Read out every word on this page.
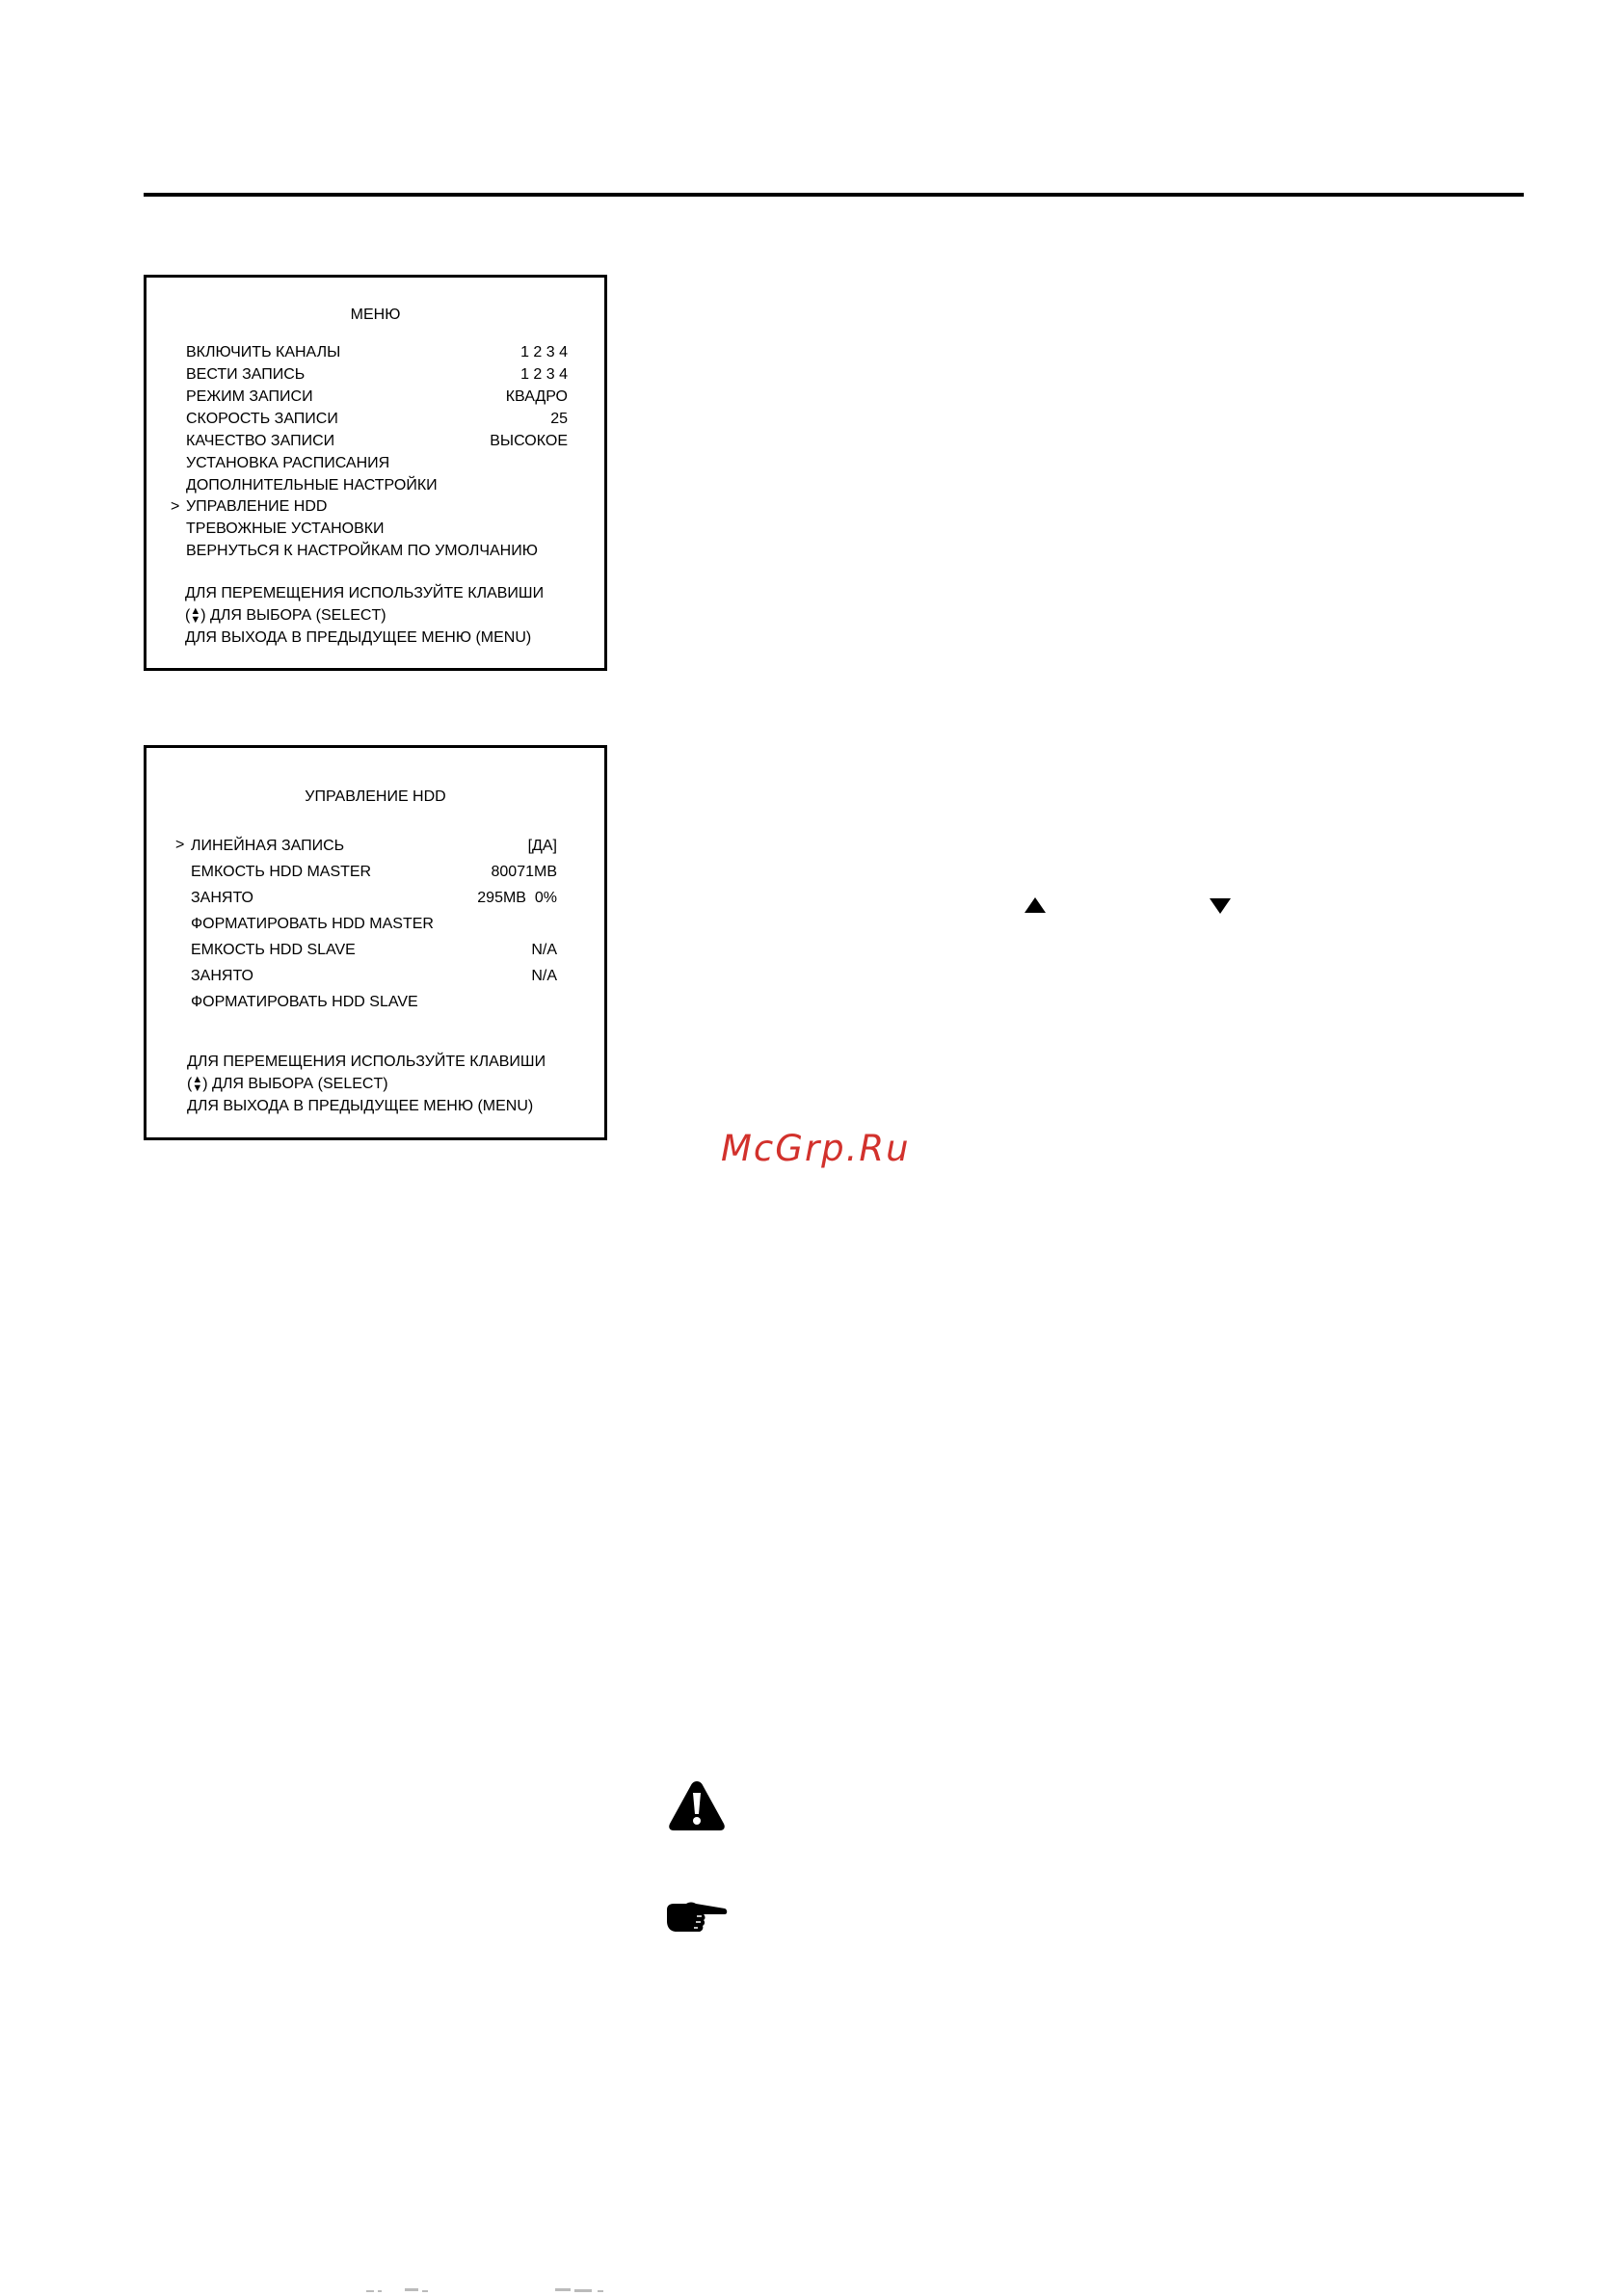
МЕНЮ
ВКЛЮЧИТЬ КАНАЛЫ	1 2 3 4
ВЕСТИ ЗАПИСЬ	1 2 3 4
РЕЖИМ ЗАПИСИ	КВАДРО
СКОРОСТЬ ЗАПИСИ	25
КАЧЕСТВО ЗАПИСИ	ВЫСОКОЕ
УСТАНОВКА РАСПИСАНИЯ
ДОПОЛНИТЕЛЬНЫЕ НАСТРОЙКИ
> УПРАВЛЕНИЕ HDD
ТРЕВОЖНЫЕ УСТАНОВКИ
ВЕРНУТЬСЯ К НАСТРОЙКАМ ПО УМОЛЧАНИЮ
ДЛЯ ПЕРЕМЕЩЕНИЯ ИСПОЛЬЗУЙТЕ КЛАВИШИ
(▲
▼) ДЛЯ ВЫБОРА (SELECT)
ДЛЯ ВЫХОДА В ПРЕДЫДУЩЕЕ МЕНЮ (MENU)
УПРАВЛЕНИЕ HDD
> ЛИНЕЙНАЯ ЗАПИСЬ	[ДА]
ЕМКОСТЬ HDD MASTER	80071MB
ЗАНЯТО	295MB  0%
ФОРМАТИРОВАТЬ HDD MASTER
ЕМКОСТЬ HDD SLAVE	N/A
ЗАНЯТО	N/A
ФОРМАТИРОВАТЬ HDD SLAVE
ДЛЯ ПЕРЕМЕЩЕНИЯ ИСПОЛЬЗУЙТЕ КЛАВИШИ
(▲
▼) ДЛЯ ВЫБОРА (SELECT)
ДЛЯ ВЫХОДА В ПРЕДЫДУЩЕЕ МЕНЮ (MENU)
McGrp.Ru
